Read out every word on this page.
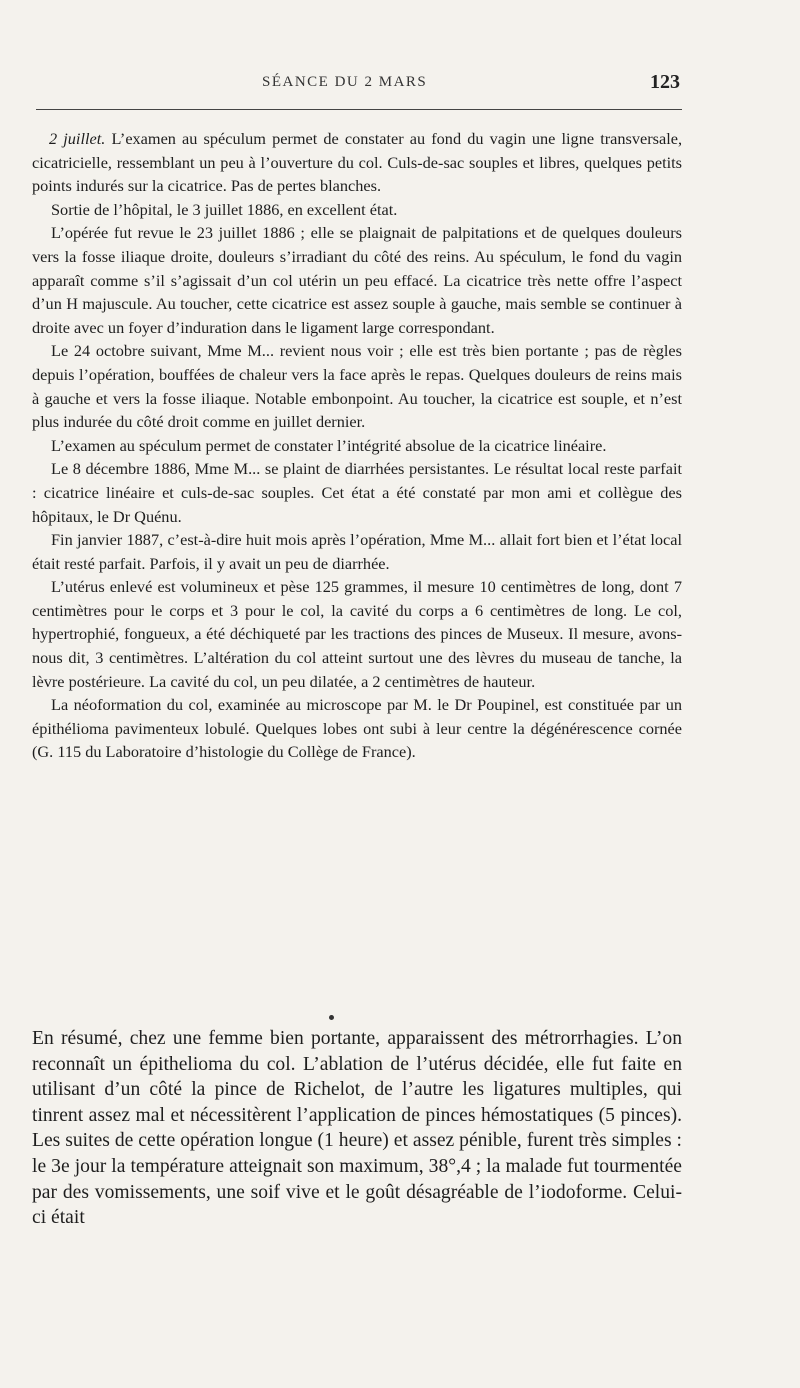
SÉANCE DU 2 MARS	123

2 juillet. L’examen au spéculum permet de constater au fond du vagin une ligne transversale, cicatricielle, ressemblant un peu à l’ouverture du col. Culs-de-sac souples et libres, quelques petits points indurés sur la cicatrice. Pas de pertes blanches.

Sortie de l’hôpital, le 3 juillet 1886, en excellent état.

L’opérée fut revue le 23 juillet 1886 ; elle se plaignait de palpitations et de quelques douleurs vers la fosse iliaque droite, douleurs s’irradiant du côté des reins. Au spéculum, le fond du vagin apparaît comme s’il s’agissait d’un col utérin un peu effacé. La cicatrice très nette offre l’aspect d’un H majuscule. Au toucher, cette cicatrice est assez souple à gauche, mais semble se continuer à droite avec un foyer d’induration dans le ligament large correspondant.

Le 24 octobre suivant, Mme M... revient nous voir ; elle est très bien portante ; pas de règles depuis l’opération, bouffées de chaleur vers la face après le repas. Quelques douleurs de reins mais à gauche et vers la fosse iliaque. Notable embonpoint. Au toucher, la cicatrice est souple, et n’est plus indurée du côté droit comme en juillet dernier.

L’examen au spéculum permet de constater l’intégrité absolue de la cicatrice linéaire.

Le 8 décembre 1886, Mme M... se plaint de diarrhées persistantes. Le résultat local reste parfait : cicatrice linéaire et culs-de-sac souples. Cet état a été constaté par mon ami et collègue des hôpitaux, le Dr Quénu.

Fin janvier 1887, c’est-à-dire huit mois après l’opération, Mme M... allait fort bien et l’état local était resté parfait. Parfois, il y avait un peu de diarrhée.

L’utérus enlevé est volumineux et pèse 125 grammes, il mesure 10 centimètres de long, dont 7 centimètres pour le corps et 3 pour le col, la cavité du corps a 6 centimètres de long. Le col, hypertrophié, fongueux, a été déchiqueté par les tractions des pinces de Museux. Il mesure, avons-nous dit, 3 centimètres. L’altération du col atteint surtout une des lèvres du museau de tanche, la lèvre postérieure. La cavité du col, un peu dilatée, a 2 centimètres de hauteur.

La néoformation du col, examinée au microscope par M. le Dr Poupinel, est constituée par un épithélioma pavimenteux lobulé. Quelques lobes ont subi à leur centre la dégénérescence cornée (G. 115 du Laboratoire d’histologie du Collège de France).

En résumé, chez une femme bien portante, apparaissent des métrorrhagies. L’on reconnaît un épithelioma du col. L’ablation de l’utérus décidée, elle fut faite en utilisant d’un côté la pince de Richelot, de l’autre les ligatures multiples, qui tinrent assez mal et nécessitèrent l’application de pinces hémostatiques (5 pinces). Les suites de cette opération longue (1 heure) et assez pénible, furent très simples : le 3e jour la température atteignait son maximum, 38°,4 ; la malade fut tourmentée par des vomissements, une soif vive et le goût désagréable de l’iodoforme. Celui-ci était
